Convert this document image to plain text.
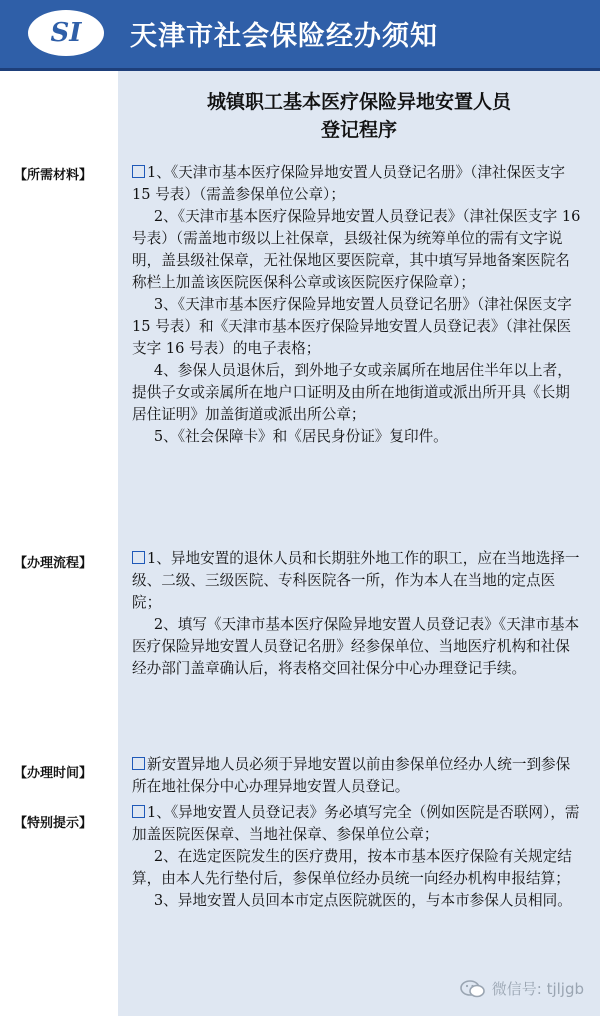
SI	天津市社会保险经办须知
城镇职工基本医疗保险异地安置人员
登记程序
【所需材料】	1、《天津市基本医疗保险异地安置人员登记名册》（津社保医支字 15 号表）（需盖参保单位公章）；

2、《天津市基本医疗保险异地安置人员登记表》（津社保医支字 16 号表）（需盖地市级以上社保章，县级社保为统筹单位的需有文字说明，盖县级社保章，无社保地区要医院章，其中填写异地备案医院名称栏上加盖该医院医保科公章或该医院医疗保险章）；

3、《天津市基本医疗保险异地安置人员登记名册》（津社保医支字 15 号表）和《天津市基本医疗保险异地安置人员登记表》（津社保医支字 16 号表）的电子表格；

4、参保人员退休后，到外地子女或亲属所在地居住半年以上者，提供子女或亲属所在地户口证明及由所在地街道或派出所开具《长期居住证明》加盖街道或派出所公章；

5、《社会保障卡》和《居民身份证》复印件。

【办理流程】	1、异地安置的退休人员和长期驻外地工作的职工，应在当地选择一级、二级、三级医院、专科医院各一所，作为本人在当地的定点医院；

2、填写《天津市基本医疗保险异地安置人员登记表》《天津市基本医疗保险异地安置人员登记名册》经参保单位、当地医疗机构和社保经办部门盖章确认后，将表格交回社保分中心办理登记手续。

【办理时间】

新安置异地人员必须于异地安置以前由参保单位经办人统一到参保所在地社保分中心办理异地安置人员登记。

【特别提示】

1、《异地安置人员登记表》务必填写完全（例如医院是否联网），需加盖医院医保章、当地社保章、参保单位公章；

2、在选定医院发生的医疗费用，按本市基本医疗保险有关规定结算，由本人先行垫付后，参保单位经办员统一向经办机构申报结算；

3、异地安置人员回本市定点医院就医的，与本市参保人员相同。

微信号: tjljgb
